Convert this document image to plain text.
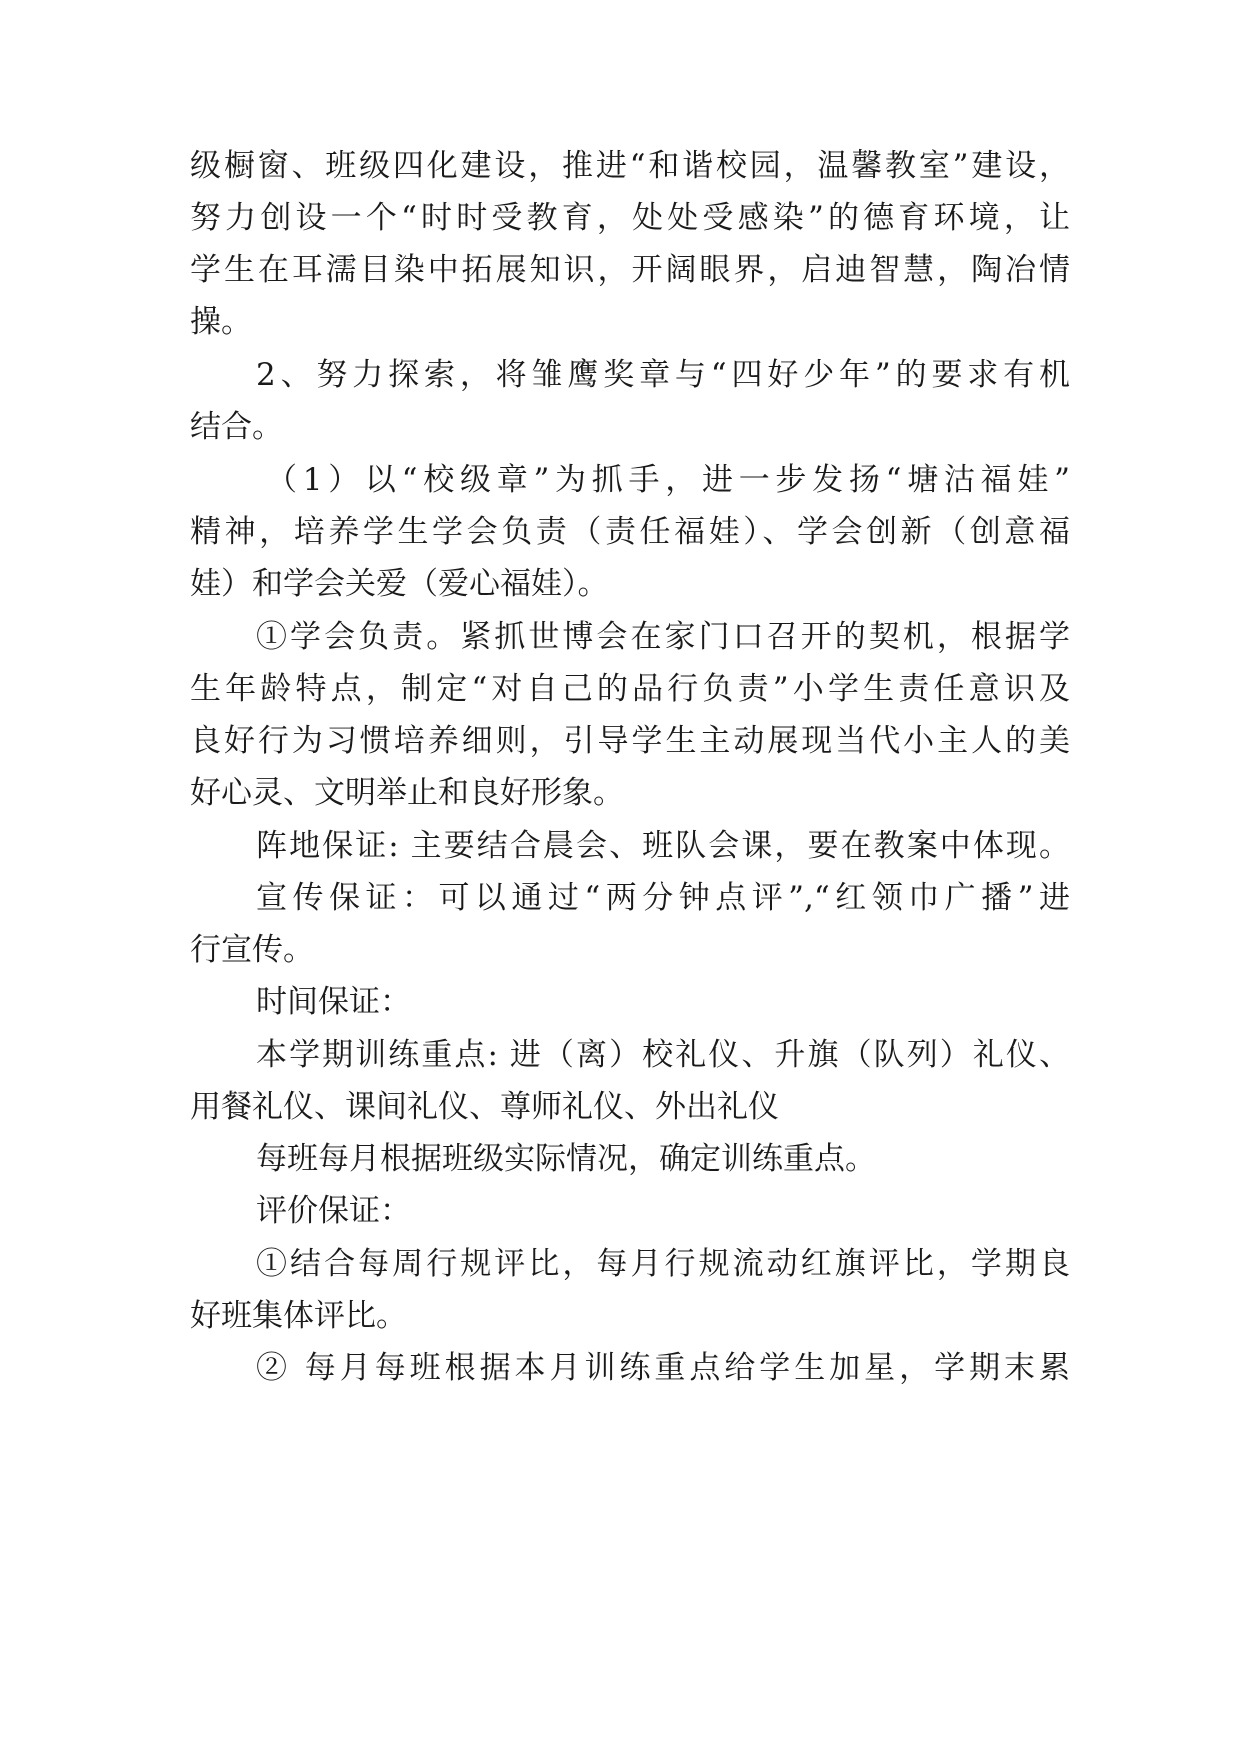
级橱窗、班级四化建设，推进“和谐校园，温馨教室”建设，
努力创设一个“时时受教育，处处受感染”的德育环境，让
学生在耳濡目染中拓展知识，开阔眼界，启迪智慧，陶冶情
操。
2、努力探索，将雏鹰奖章与“四好少年”的要求有机
结合。
（1）以“校级章”为抓手，进一步发扬“塘沽福娃”
精神，培养学生学会负责（责任福娃）、学会创新（创意福
娃）和学会关爱（爱心福娃）。
①学会负责。紧抓世博会在家门口召开的契机，根据学
生年龄特点，制定“对自己的品行负责”小学生责任意识及
良好行为习惯培养细则，引导学生主动展现当代小主人的美
好心灵、文明举止和良好形象。
阵地保证: 主要结合晨会、班队会课，要在教案中体现。
宣传保证：可以通过“两分钟点评”,“红领巾广播”进
行宣传。
时间保证：
本学期训练重点: 进（离）校礼仪、升旗（队列）礼仪、
用餐礼仪、课间礼仪、尊师礼仪、外出礼仪
每班每月根据班级实际情况，确定训练重点。
评价保证：
①结合每周行规评比，每月行规流动红旗评比，学期良
好班集体评比。
② 每月每班根据本月训练重点给学生加星，学期末累
